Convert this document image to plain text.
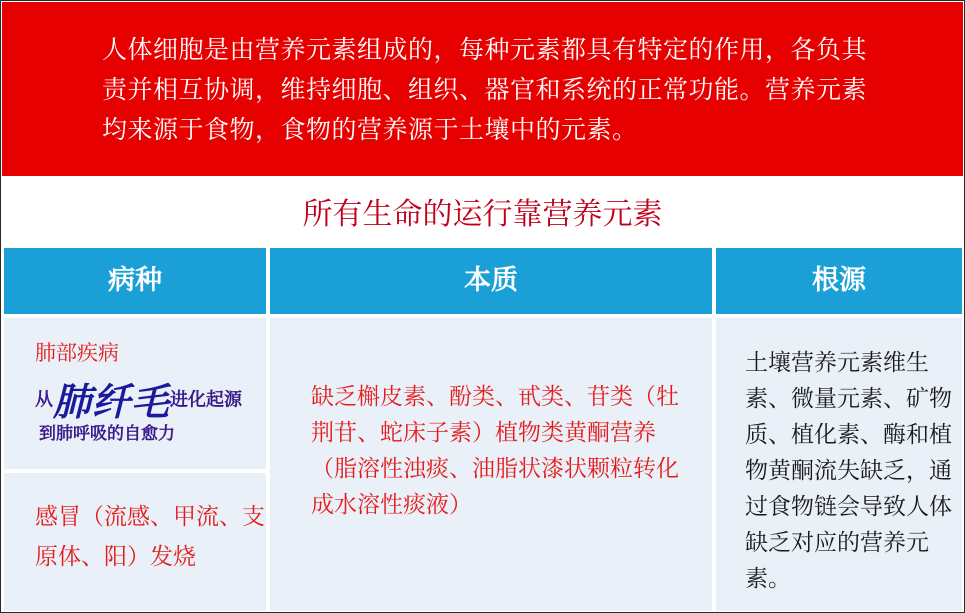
人体细胞是由营养元素组成的，每种元素都具有特定的作用，各负其责并相互协调，维持细胞、组织、器官和系统的正常功能。营养元素均来源于食物，食物的营养源于土壤中的元素。
所有生命的运行靠营养元素
病种	本质	根源
肺部疾病
从肺纤毛进化起源
到肺呼吸的自愈力
感冒（流感、甲流、支原体、阳）发烧
缺乏槲皮素、酚类、甙类、苷类（牡荆苷、蛇床子素）植物类黄酮营养（脂溶性浊痰、油脂状漆状颗粒转化成水溶性痰液）
土壤营养元素维生素、微量元素、矿物质、植化素、酶和植物黄酮流失缺乏，通过食物链会导致人体缺乏对应的营养元素。
